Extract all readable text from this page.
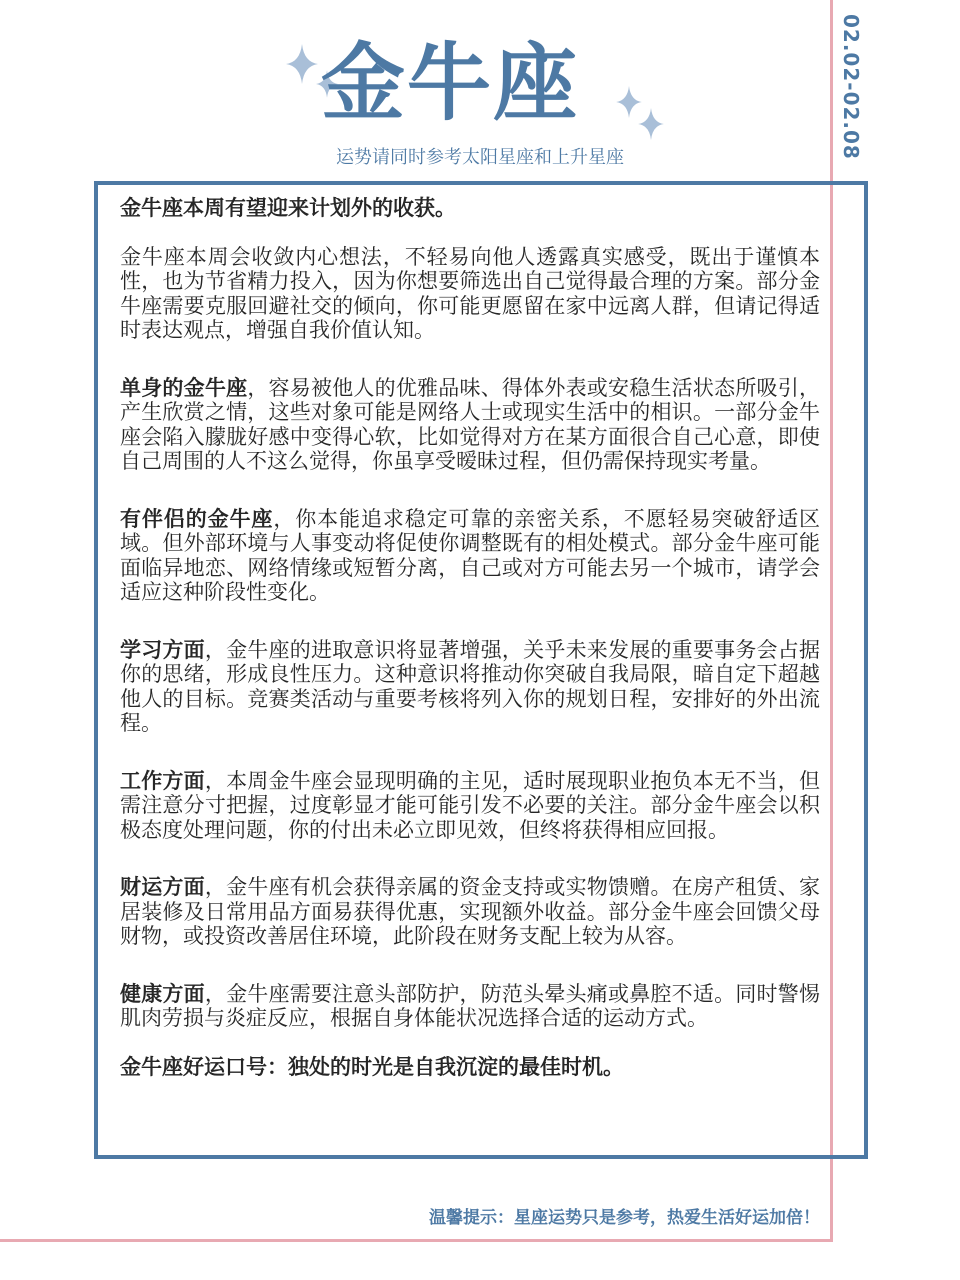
02.02-02.08
金牛座
运势请同时参考太阳星座和上升星座

金牛座本周有望迎来计划外的收获。

金牛座本周会收敛内心想法，不轻易向他人透露真实感受，既出于谨慎本性，也为节省精力投入，因为你想要筛选出自己觉得最合理的方案。部分金牛座需要克服回避社交的倾向，你可能更愿留在家中远离人群，但请记得适时表达观点，增强自我价值认知。

单身的金牛座，容易被他人的优雅品味、得体外表或安稳生活状态所吸引，产生欣赏之情，这些对象可能是网络人士或现实生活中的相识。一部分金牛座会陷入朦胧好感中变得心软，比如觉得对方在某方面很合自己心意，即使自己周围的人不这么觉得，你虽享受暧昧过程，但仍需保持现实考量。

有伴侣的金牛座，你本能追求稳定可靠的亲密关系，不愿轻易突破舒适区域。但外部环境与人事变动将促使你调整既有的相处模式。部分金牛座可能面临异地恋、网络情缘或短暂分离，自己或对方可能去另一个城市，请学会适应这种阶段性变化。

学习方面，金牛座的进取意识将显著增强，关乎未来发展的重要事务会占据你的思绪，形成良性压力。这种意识将推动你突破自我局限，暗自定下超越他人的目标。竞赛类活动与重要考核将列入你的规划日程，安排好的外出流程。

工作方面，本周金牛座会显现明确的主见，适时展现职业抱负本无不当，但需注意分寸把握，过度彰显才能可能引发不必要的关注。部分金牛座会以积极态度处理问题，你的付出未必立即见效，但终将获得相应回报。

财运方面，金牛座有机会获得亲属的资金支持或实物馈赠。在房产租赁、家居装修及日常用品方面易获得优惠，实现额外收益。部分金牛座会回馈父母财物，或投资改善居住环境，此阶段在财务支配上较为从容。

健康方面，金牛座需要注意头部防护，防范头晕头痛或鼻腔不适。同时警惕肌肉劳损与炎症反应，根据自身体能状况选择合适的运动方式。

金牛座好运口号：独处的时光是自我沉淀的最佳时机。

温馨提示：星座运势只是参考，热爱生活好运加倍！
